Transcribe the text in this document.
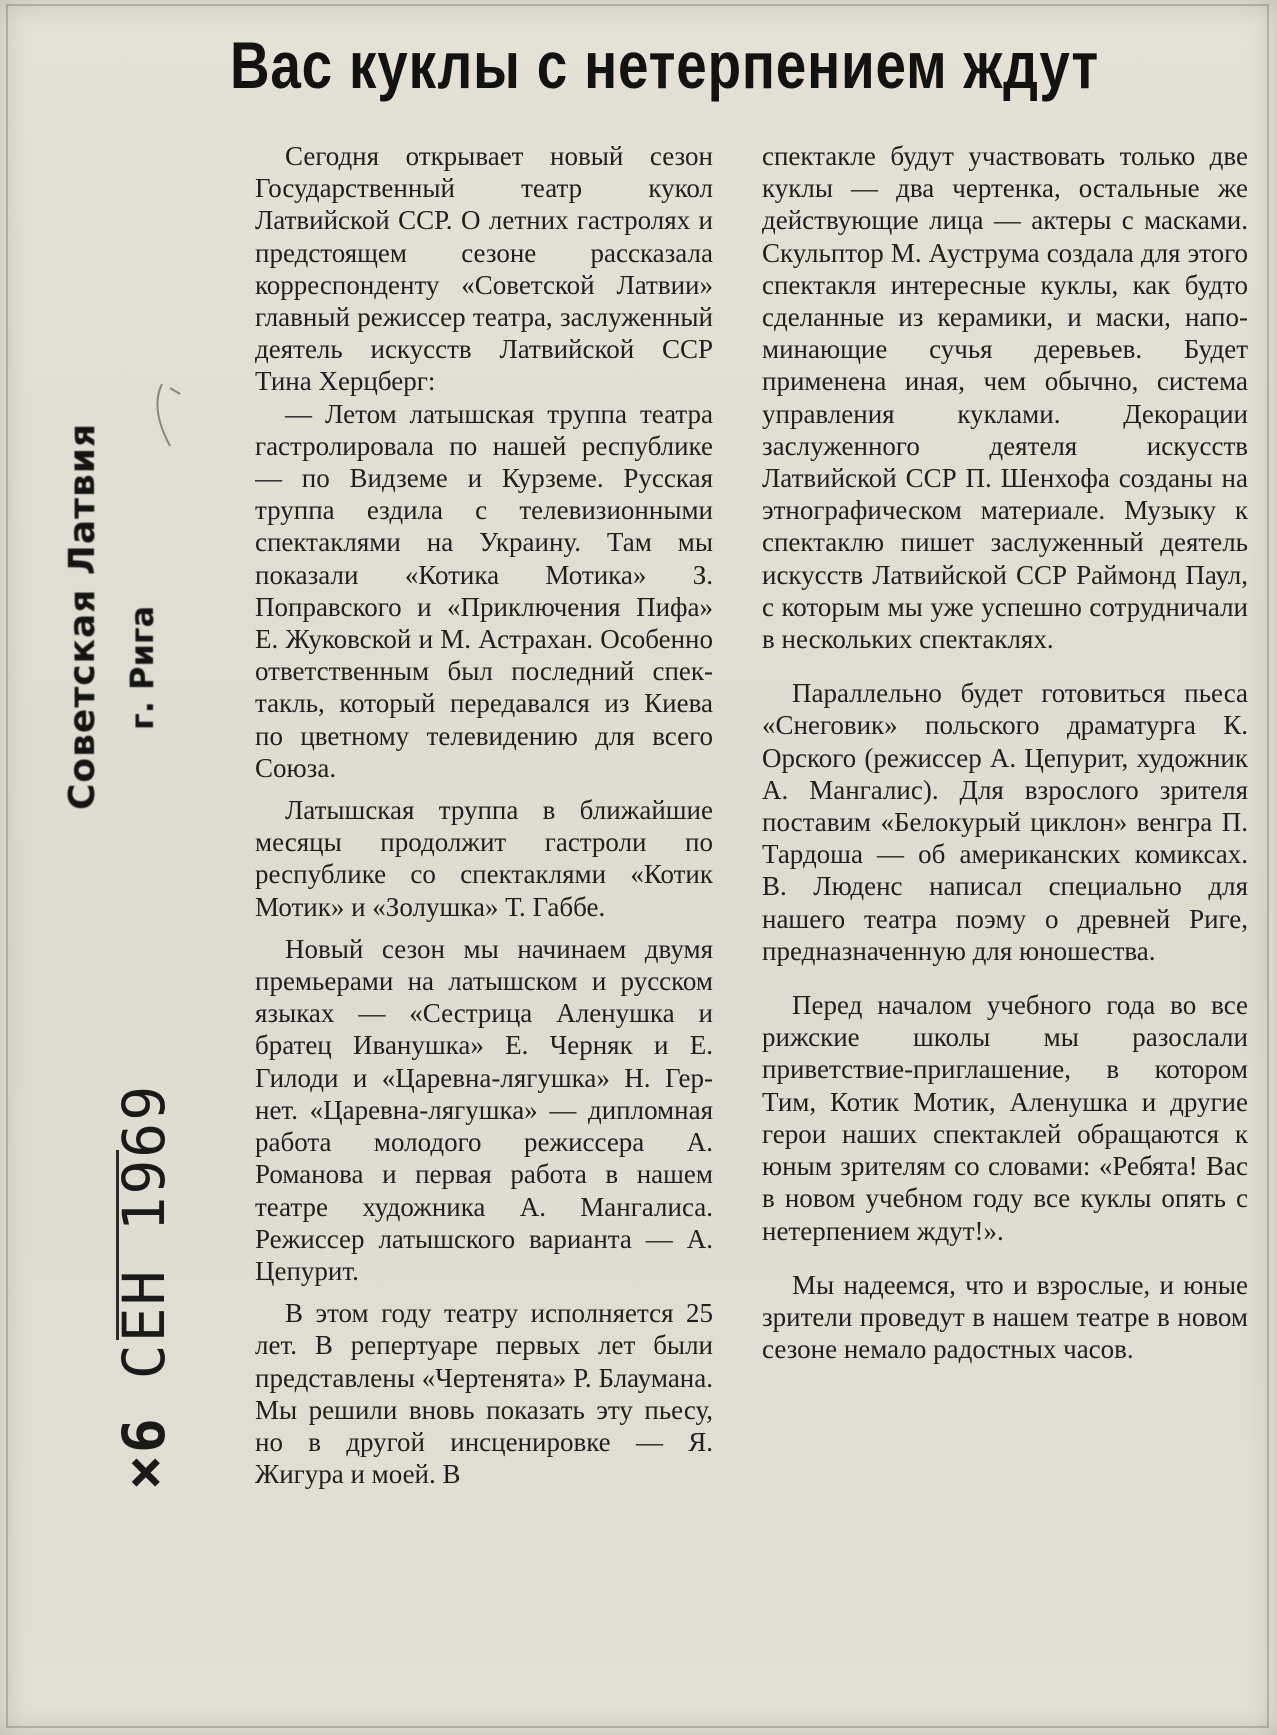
Советская Латвия г. Рига
×6 СЕН 1969
Вас куклы с нетерпением ждут

Сегодня открывает новый сезон Государственный театр кукол Латвийской ССР. О летних гастролях и предстоящем сезоне рассказала корреспонденту «Советской Латвии» главный режиссер театра, заслуженный деятель искусств Латвийской ССР Тина Херцберг:

— Летом латышская труппа театра гастролировала по нашей республике — по Видземе и Курземе. Русская труппа ездила с телевизионными спектаклями на Украину. Там мы показали «Котика Мотика» З. Поправского и «Приключения Пифа» Е. Жуковской и М. Астрахан. Особенно ответственным был последний спектакль, который передавался из Киева по цветному телевидению для всего Союза.

Латышская труппа в ближайшие месяцы продолжит гастроли по республике со спектаклями «Котик Мотик» и «Золушка» Т. Габбе.

Новый сезон мы начинаем двумя премьерами на латышском и русском языках — «Сестрица Аленушка и братец Иванушка» Е. Черняк и Е. Гилоди и «Царевна-лягушка» Н. Гернет. «Царевна-лягушка» — дипломная работа молодого режиссера А. Романова и первая работа в нашем театре художника А. Мангалиса. Режиссер латышского варианта — А. Цепурит.

В этом году театру исполняется 25 лет. В репертуаре первых лет были представлены «Чертенята» Р. Блаумана. Мы решили вновь показать эту пьесу, но в другой инсценировке — Я. Жигура и моей. В

спектакле будут участвовать только две куклы — два чертенка, остальные же действующие лица — актеры с масками. Скульптор М. Ауструма создала для этого спектакля интересные куклы, как будто сделанные из керамики, и маски, напоминающие сучья деревьев. Будет применена иная, чем обычно, система управления куклами. Декорации заслуженного деятеля искусств Латвийской ССР П. Шенхофа созданы на этнографическом материале. Музыку к спектаклю пишет заслуженный деятель искусств Латвийской ССР Раймонд Паул, с которым мы уже успешно сотрудничали в нескольких спектаклях.

Параллельно будет готовиться пьеса «Снеговик» польского драматурга К. Орского (режиссер А. Цепурит, художник А. Мангалис). Для взрослого зрителя поставим «Белокурый циклон» венгра П. Тардоша — об американских комиксах. В. Люденс написал специально для нашего театра поэму о древней Риге, предназначенную для юношества.

Перед началом учебного года во все рижские школы мы разослали приветствие-приглашение, в котором Тим, Котик Мотик, Аленушка и другие герои наших спектаклей обращаются к юным зрителям со словами: «Ребята! Вас в новом учебном году все куклы опять с нетерпением ждут!».

Мы надеемся, что и взрослые, и юные зрители проведут в нашем театре в новом сезоне немало радостных часов.
